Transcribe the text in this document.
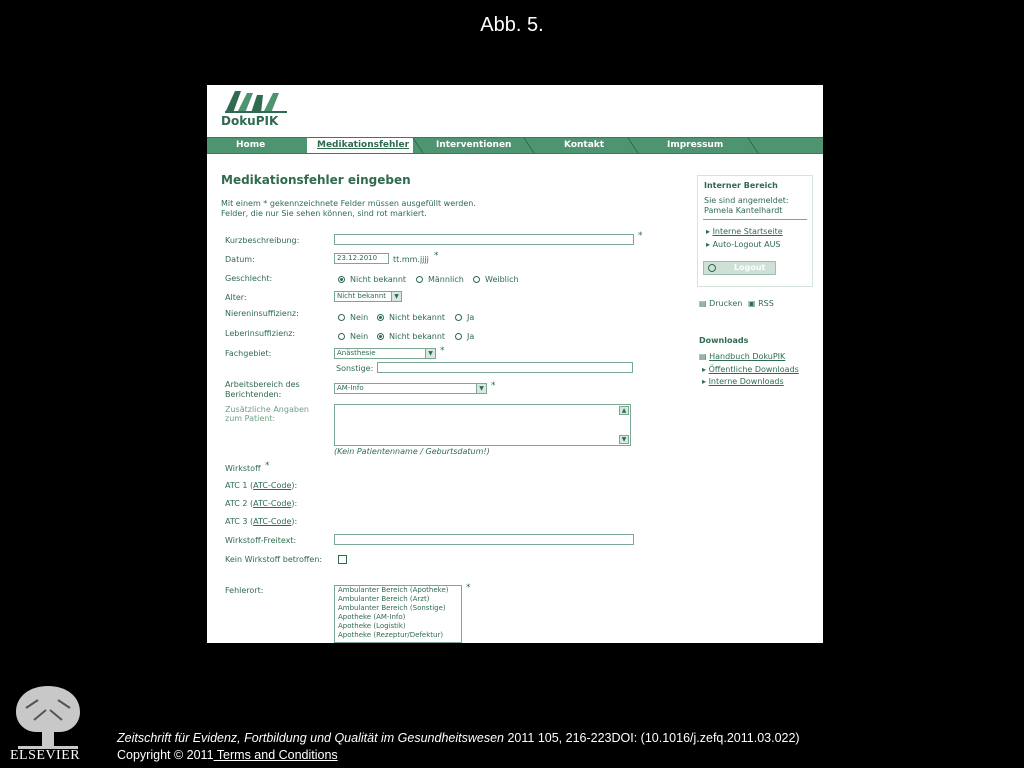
Abb. 5.
DokuPIK
Home	Medikationsfehler	Interventionen	Kontakt	Impressum
Medikationsfehler eingeben
Mit einem * gekennzeichnete Felder müssen ausgefüllt werden.
Felder, die nur Sie sehen können, sind rot markiert.
Kurzbeschreibung:	*
Datum:	23.12.2010	tt.mm.jjjj *
Geschlecht:	Nicht bekannt	Männlich	Weiblich
Alter:	Nicht bekannt	▼
Niereninsuffizienz:	Nein	Nicht bekannt	Ja
Leberinsuffizienz:	Nein	Nicht bekannt	Ja
Fachgebiet:	Anästhesie	▼ *
Sonstige:
Arbeitsbereich des
Berichtenden:
AM-Info	▼ *
Zusätzliche Angaben
zum Patient:
▲
▼
(Kein Patientenname / Geburtsdatum!)
Wirkstoff *
ATC 1 (ATC-Code):
ATC 2 (ATC-Code):
ATC 3 (ATC-Code):
Wirkstoff-Freitext:
Kein Wirkstoff betroffen:
Fehlerort:	Ambulanter Bereich (Apotheke)
Ambulanter Bereich (Arzt)
Ambulanter Bereich (Sonstige)
Apotheke (AM-Info)
Apotheke (Logistik)
Apotheke (Rezeptur/Defektur)
*
Interner Bereich
Sie sind angemeldet:
Pamela Kantelhardt
▸ Interne Startseite
▸ Auto-Logout AUS
Logout
▤ Drucken ▣ RSS
Downloads
▤ Handbuch DokuPIK
▸ Öffentliche Downloads
▸ Interne Downloads
ELSEVIER
Zeitschrift für Evidenz, Fortbildung und Qualität im Gesundheitswesen 2011 105, 216-223DOI: (10.1016/j.zefq.2011.03.022)
Copyright © 2011 Terms and Conditions
